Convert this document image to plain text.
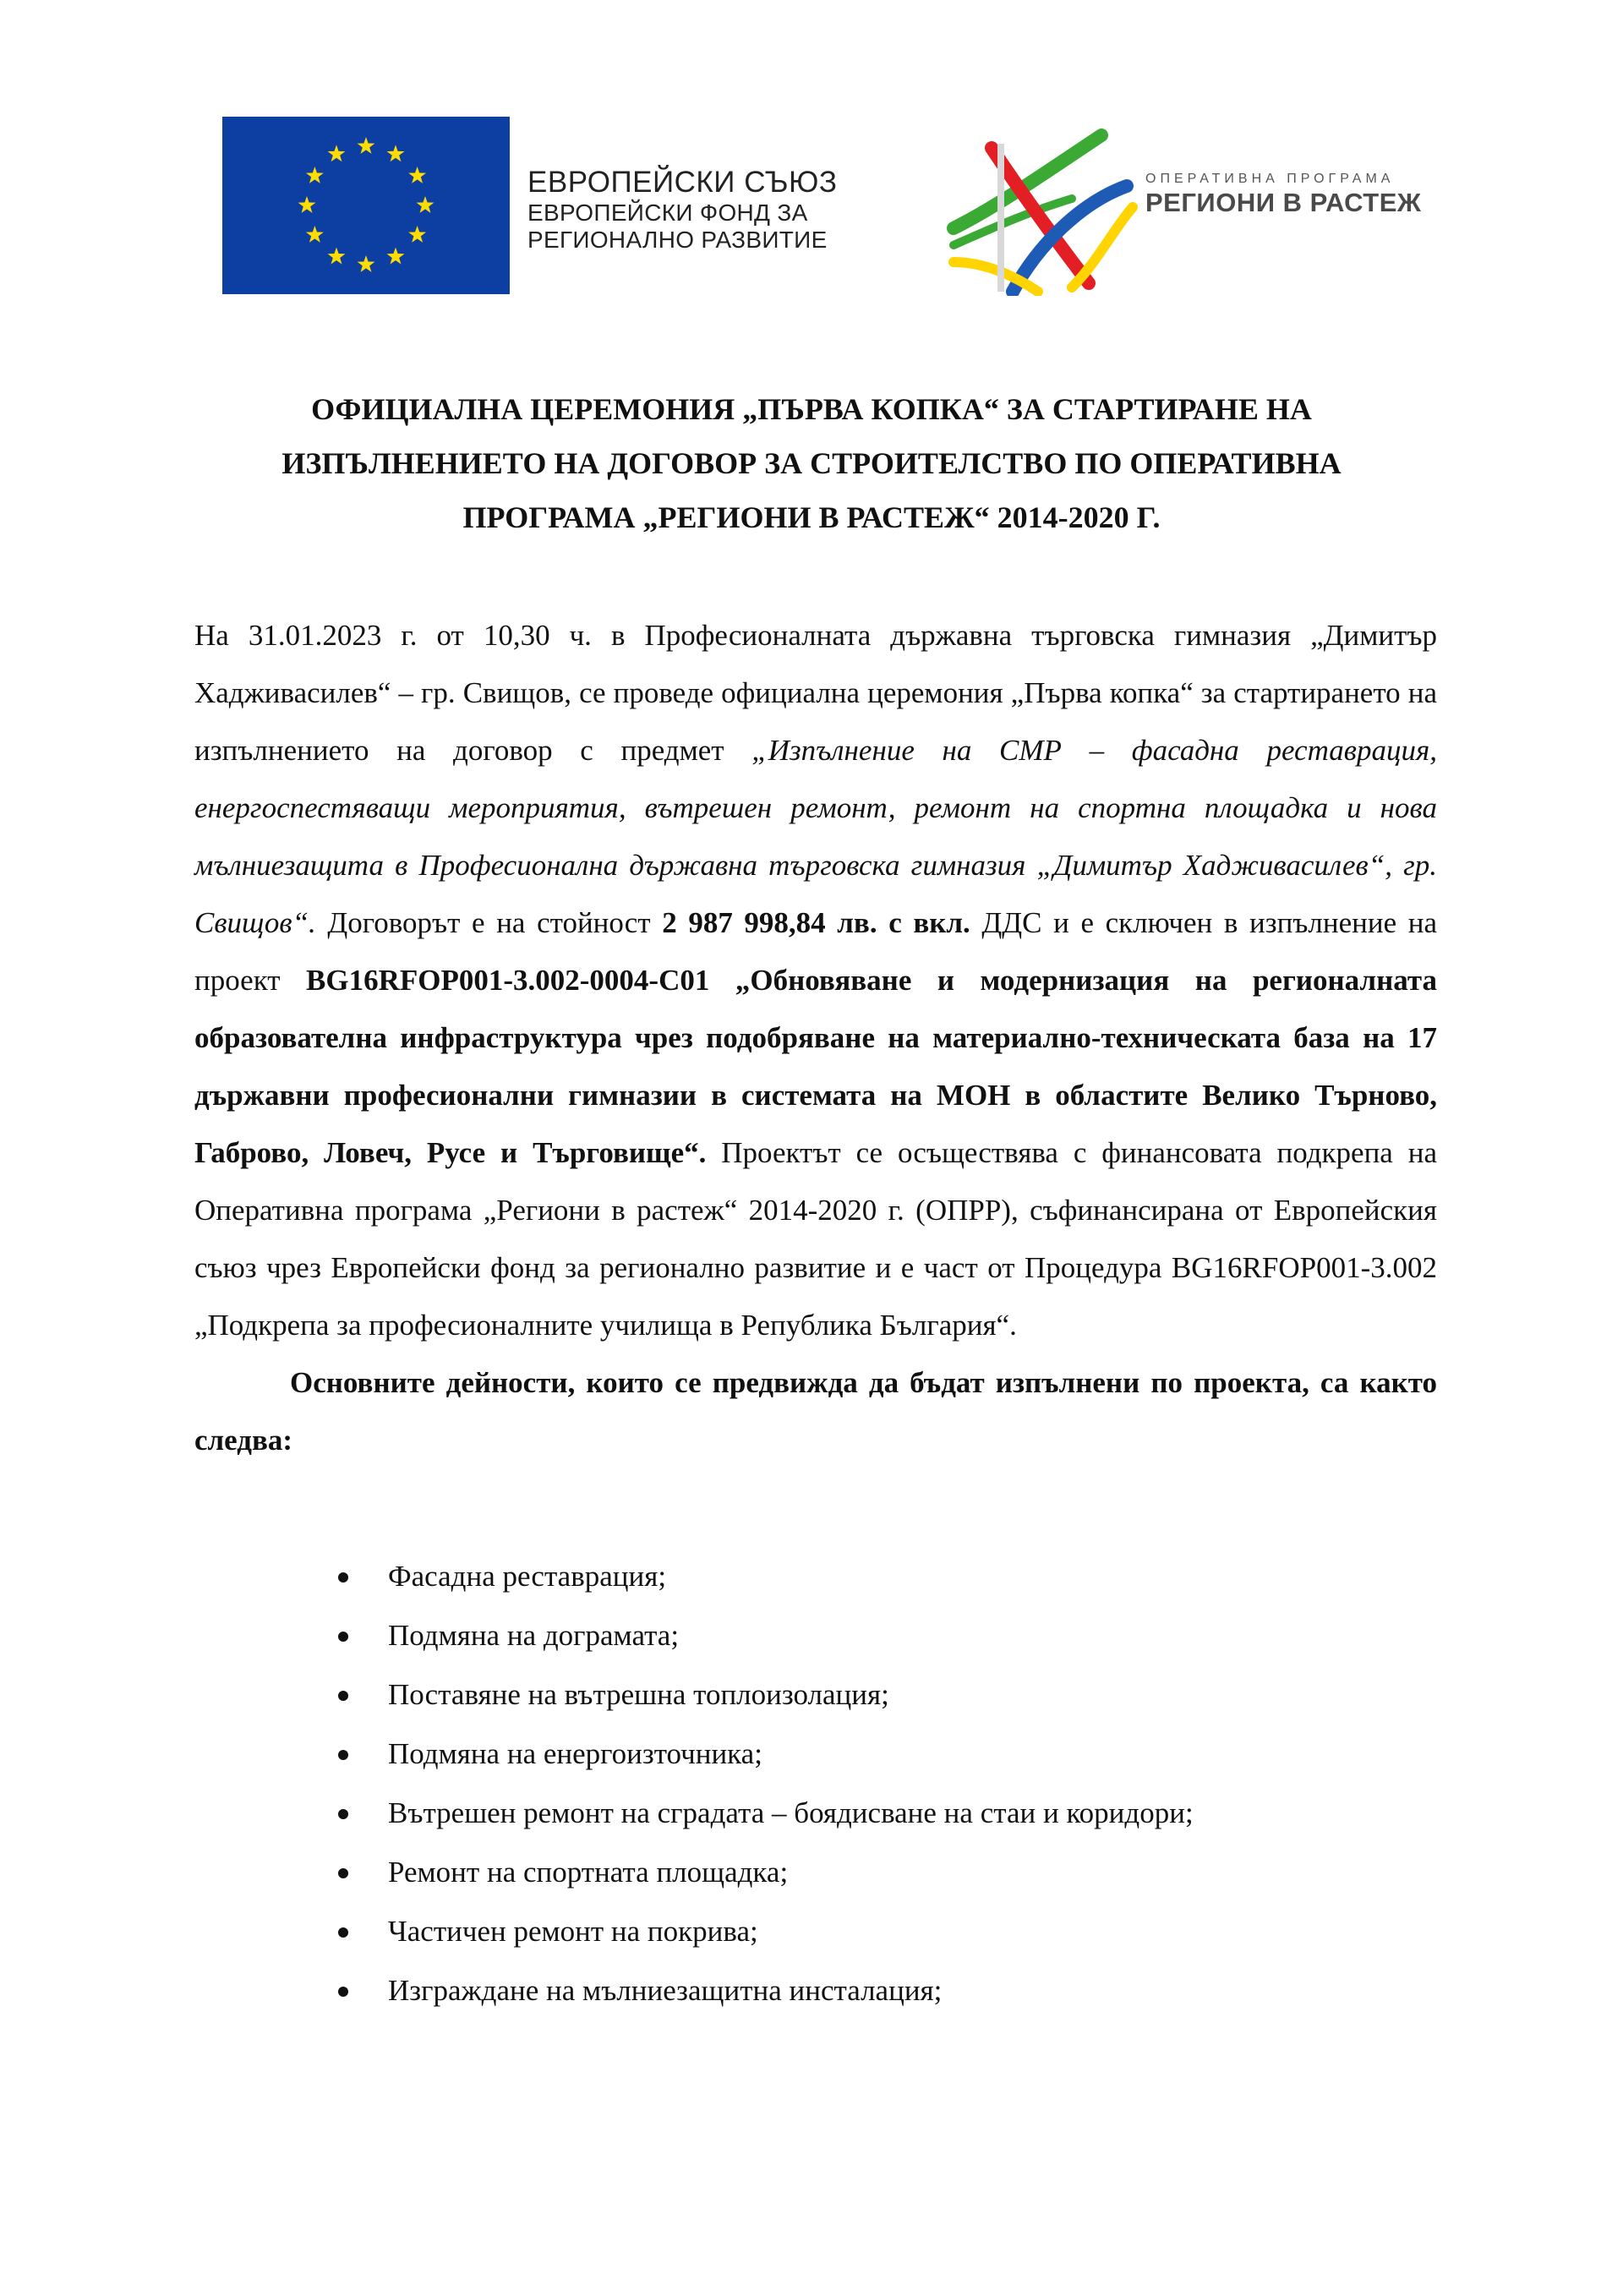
ЕВРОПЕЙСКИ СЪЮЗ
ЕВРОПЕЙСКИ ФОНД ЗА
РЕГИОНАЛНО РАЗВИТИЕ
ОПЕРАТИВНА ПРОГРАМА
РЕГИОНИ В РАСТЕЖ
ОФИЦИАЛНА ЦЕРЕМОНИЯ „ПЪРВА КОПКА“ ЗА СТАРТИРАНЕ НА
ИЗПЪЛНЕНИЕТО НА ДОГОВОР ЗА СТРОИТЕЛСТВО ПО ОПЕРАТИВНА
ПРОГРАМА „РЕГИОНИ В РАСТЕЖ“ 2014-2020 Г.

На 31.01.2023 г. от 10,30 ч. в Професионалната държавна търговска гимназия „Димитър Хадживасилев“ – гр. Свищов, се проведе официална церемония „Първа копка“ за стартирането на изпълнението на договор с предмет „Изпълнение на СМР – фасадна реставрация, енергоспестяващи мероприятия, вътрешен ремонт, ремонт на спортна площадка и нова мълниезащита в Професионална държавна търговска гимназия „Димитър Хадживасилев“, гр. Свищов“. Договорът е на стойност 2 987 998,84 лв. с вкл. ДДС и е сключен в изпълнение на проект BG16RFOP001-3.002-0004-С01 „Обновяване и модернизация на регионалната образователна инфраструктура чрез подобряване на материално-техническата база на 17 държавни професионални гимназии в системата на МОН в областите Велико Търново, Габрово, Ловеч, Русе и Търговище“. Проектът се осъществява с финансовата подкрепа на Оперативна програма „Региони в растеж“ 2014-2020 г. (ОПРР), съфинансирана от Европейския съюз чрез Европейски фонд за регионално развитие и е част от Процедура BG16RFOP001-3.002 „Подкрепа за професионалните училища в Република България“.

Основните дейности, които се предвижда да бъдат изпълнени по проекта, са както следва:

Фасадна реставрация;
Подмяна на дограмата;
Поставяне на вътрешна топлоизолация;
Подмяна на енергоизточника;
Вътрешен ремонт на сградата – боядисване на стаи и коридори;
Ремонт на спортната площадка;
Частичен ремонт на покрива;
Изграждане на мълниезащитна инсталация;
